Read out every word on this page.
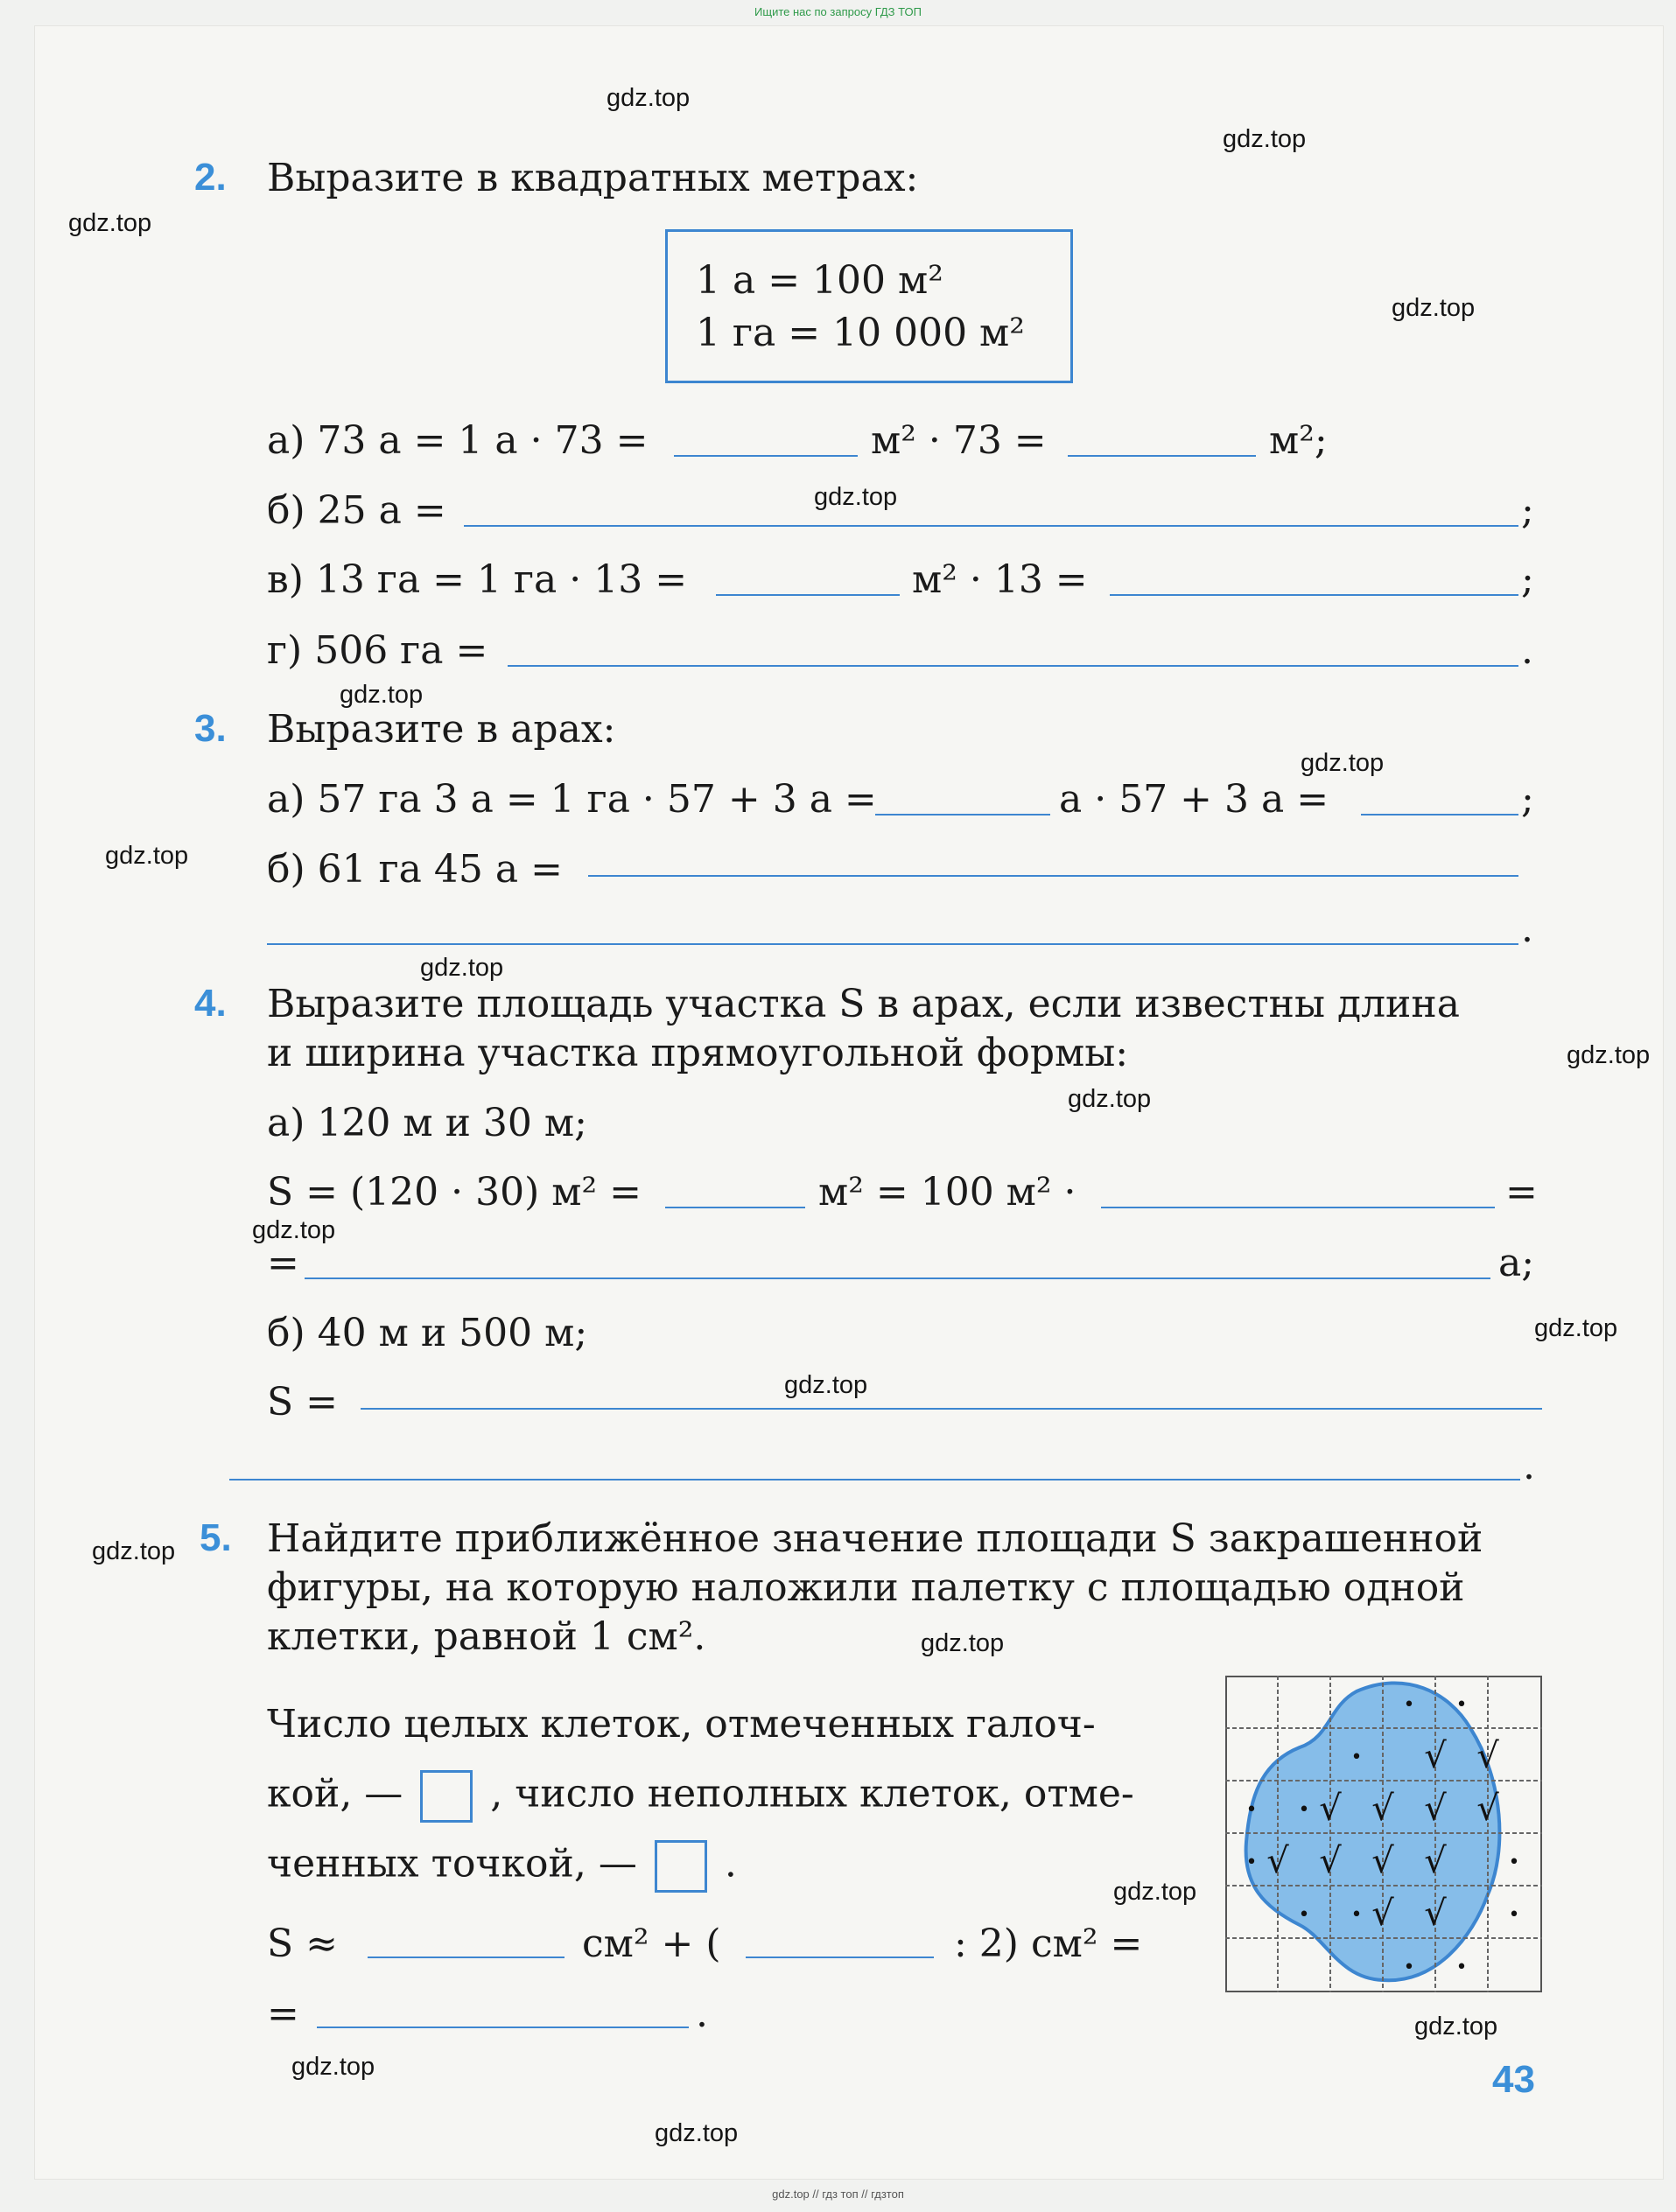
Ищите нас по запросу ГДЗ ТОП
gdz.top
gdz.top
gdz.top
gdz.top
gdz.top
gdz.top
gdz.top
gdz.top
gdz.top
gdz.top
gdz.top
gdz.top
gdz.top
gdz.top
gdz.top
gdz.top
gdz.top
gdz.top
gdz.top
gdz.top
2. Выразите в квадратных метрах:
1 а = 100 м²
1 га = 10 000 м²
а) 73 а = 1 а · 73 =	м² · 73 =	м²;
б) 25 а =	;
в) 13 га = 1 га · 13 =	м² · 13 =	;
г) 506 га =	.
3. Выразите в арах:
а) 57 га 3 а = 1 га · 57 + 3 а =	а · 57 + 3 а =	;
б) 61 га 45 а =
.
4. Выразите площадь участка S в арах, если известны длина
и ширина участка прямоугольной формы:
а) 120 м и 30 м;
S = (120 · 30) м² =	м² = 100 м² ·	=
=	а;
б) 40 м и 500 м;
S =
.
5. Найдите приближённое значение площади S закрашенной
фигуры, на которую наложили палетку с площадью одной
клетки, равной 1 см².
Число целых клеток, отмеченных галоч-
кой, — , число неполных клеток, отме-
ченных точкой, — .
S ≈	см² + (	: 2) см² =
=	.
√ √
√ √ √ √
√ √ √ √
√ √
• •
•
• •
•	•
• •	•
• •
43
gdz.top // гдз топ // гдзтоп
